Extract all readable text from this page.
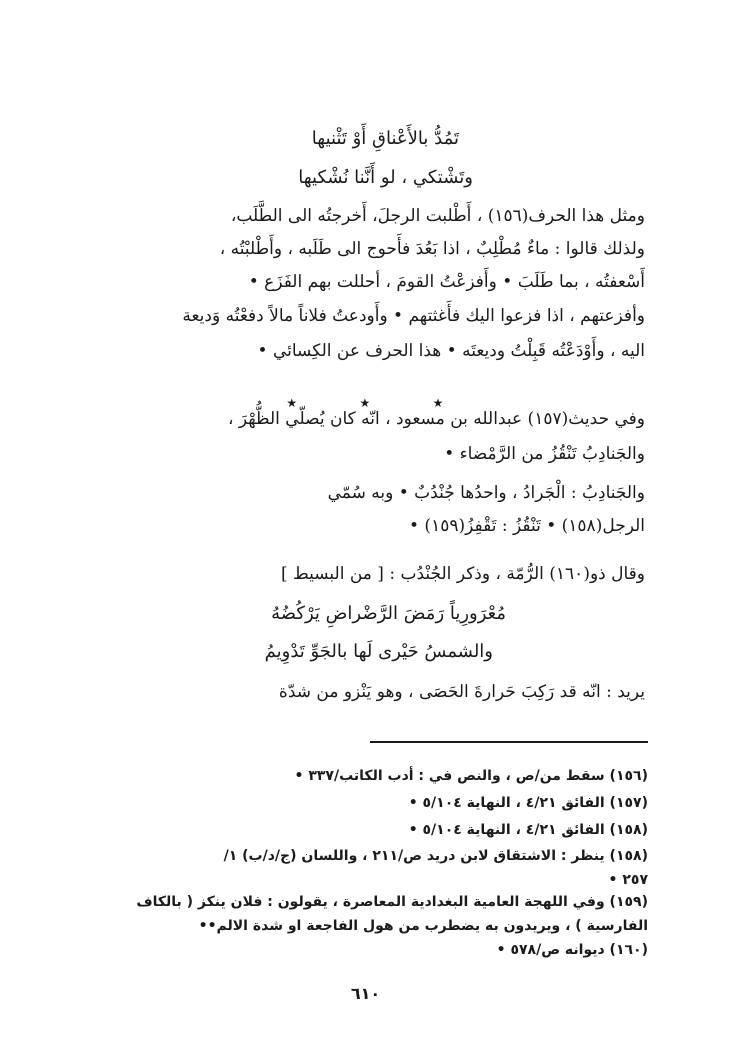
تَمُدُّ بالأَعْناقِ أَوْ تَثْنيها
وتَشْتكي ، لو أَنَّنا نُشْكيها
ومثل هذا الحرف(١٥٦) ، أَطْلبت الرجلَ، أَخرجتُه الى الطَّلَب،
ولذلك قالوا : ماءٌ مُطْلِبٌ ، اذا بَعُدَ فأَحوج الى طَلَبه ، وأَطْلبْتُه ،
أَسْعفتُه ، بما طَلَبَ • وأَفزعْتُ القومَ ، أحللت بهم الفَزَع •
وأفزعتهم ، اذا فزعوا اليك فأَغثتهم • وأَودعتُ فلاناً مالاً دفعْتُه وَديعة
اليه ، وأَوْدَعْتُه قَبِلْتُ وديعتَه • هذا الحرف عن الكِسائي •
★ ★ ★
وفي حديث(١٥٧) عبدالله بن مسعود ، انّه كان يُصلّي الظُّهْرَ ،
والجَنادِبُ تَنْقُزُ من الرَّمْضاء •
والجَنادِبُ : الْجَرادُ ، واحدُها جُنْدُبٌ • وبه سُمّي
الرجل(١٥٨) • تَنْقُزُ : تَقْفِزُ(١٥٩) •
وقال ذو(١٦٠) الرُّمّة ، وذكر الجُنْدُب : [ من البسيط ]
مُعْرَورِياً رَمَضَ الرَّضْراضِ يَرْكُضُهُ
والشمسُ حَيْرى لَها بالجَوِّ تَدْوِيمُ
يريد : انّه قد رَكِبَ حَرارةَ الحَصَى ، وهو يَنْزو من شدّة
(١٥٦) سقط من/ص ، والنص في : أدب الكاتب/٣٣٧ •
(١٥٧) الفائق ٤/٢١ ، النهاية ٥/١٠٤ •
(١٥٨) الفائق ٤/٢١ ، النهاية ٥/١٠٤ •
(١٥٨) ينظر : الاشتقاق لابن دريد ص/٢١١ ، واللسان (ج/د/ب) ١/
٢٥٧ •
(١٥٩) وفي اللهجة العامية البغدادية المعاصرة ، يقولون : فلان ينكز ( بالكاف
الفارسية ) ، ويريدون به يضطرب من هول الفاجعة او شدة الالم••
(١٦٠) ديوانه ص/٥٧٨ •
٦١٠
